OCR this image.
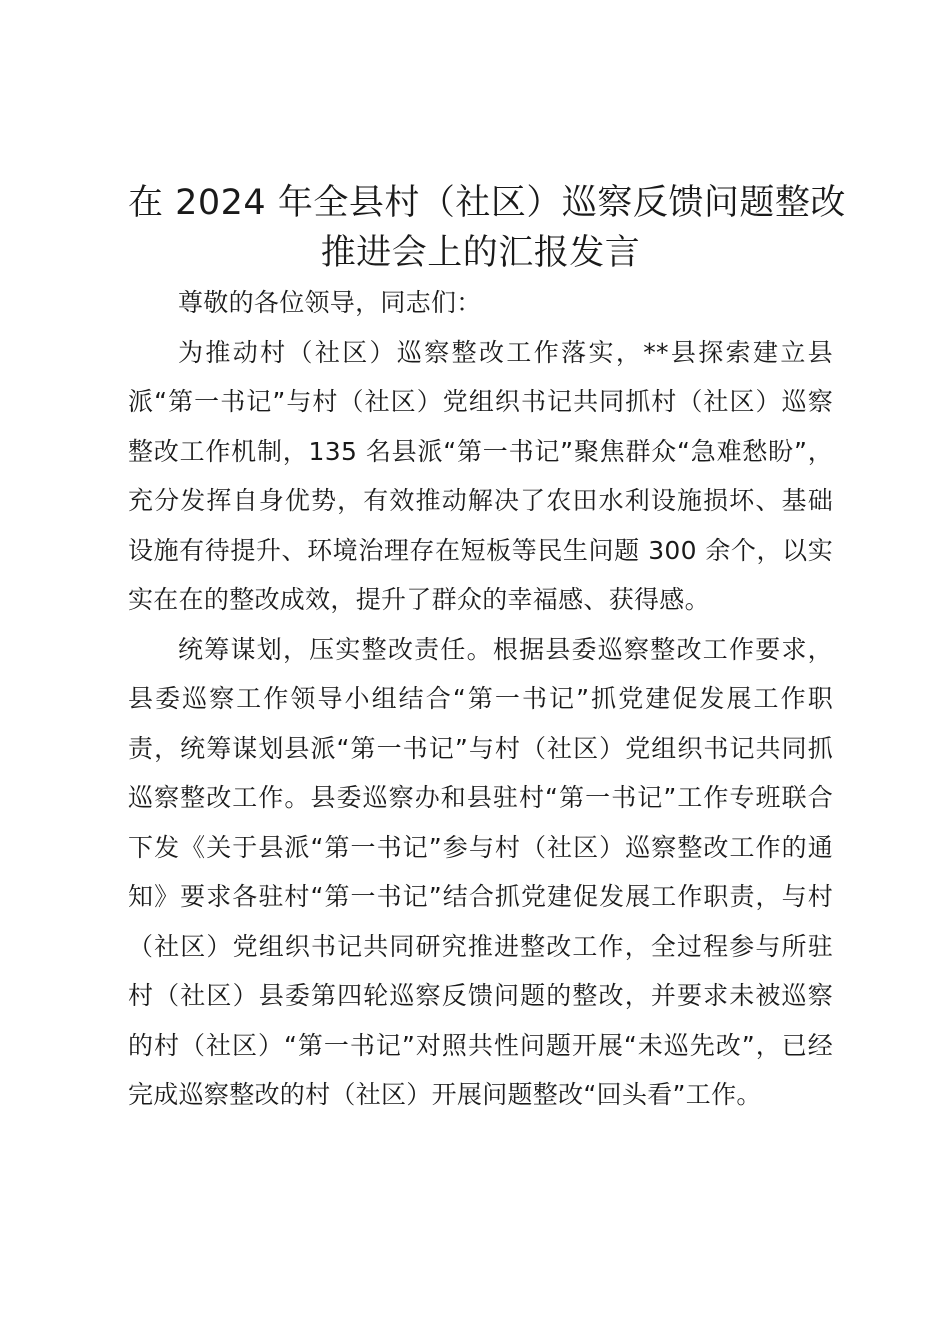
在 2024 年全县村（社区）巡察反馈问题整改
推进会上的汇报发言

尊敬的各位领导，同志们：

为推动村（社区）巡察整改工作落实，**县探索建立县派“第一书记”与村（社区）党组织书记共同抓村（社区）巡察整改工作机制，135 名县派“第一书记”聚焦群众“急难愁盼”，充分发挥自身优势，有效推动解决了农田水利设施损坏、基础设施有待提升、环境治理存在短板等民生问题 300 余个，以实实在在的整改成效，提升了群众的幸福感、获得感。

统筹谋划，压实整改责任。根据县委巡察整改工作要求，县委巡察工作领导小组结合“第一书记”抓党建促发展工作职责，统筹谋划县派“第一书记”与村（社区）党组织书记共同抓巡察整改工作。县委巡察办和县驻村“第一书记”工作专班联合下发《关于县派“第一书记”参与村（社区）巡察整改工作的通知》要求各驻村“第一书记”结合抓党建促发展工作职责，与村（社区）党组织书记共同研究推进整改工作，全过程参与所驻村（社区）县委第四轮巡察反馈问题的整改，并要求未被巡察的村（社区）“第一书记”对照共性问题开展“未巡先改”，已经完成巡察整改的村（社区）开展问题整改“回头看”工作。
